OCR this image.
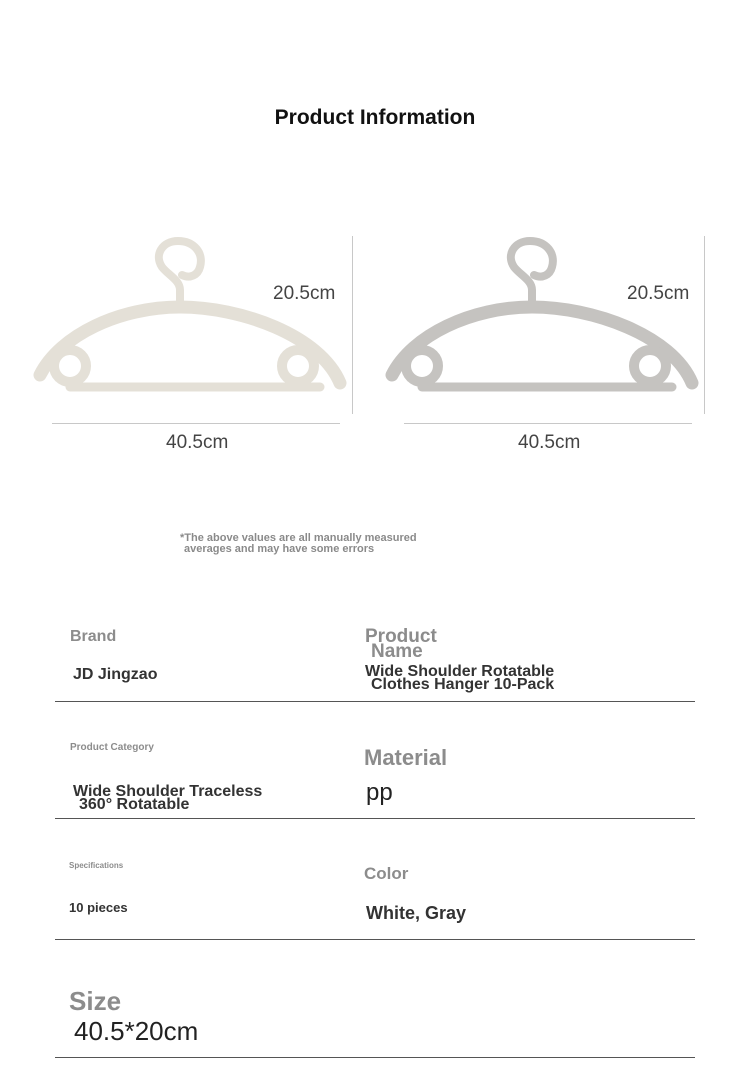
Product Information
20.5cm
40.5cm
20.5cm
40.5cm
*The above values are all manually measured
averages and may have some errors
Brand
JD Jingzao
Product
Name
Wide Shoulder Rotatable
Clothes Hanger 10-Pack
Product Category
Wide Shoulder Traceless
360° Rotatable
Material
pp
Specifications
10 pieces
Color
White, Gray
Size
40.5*20cm
